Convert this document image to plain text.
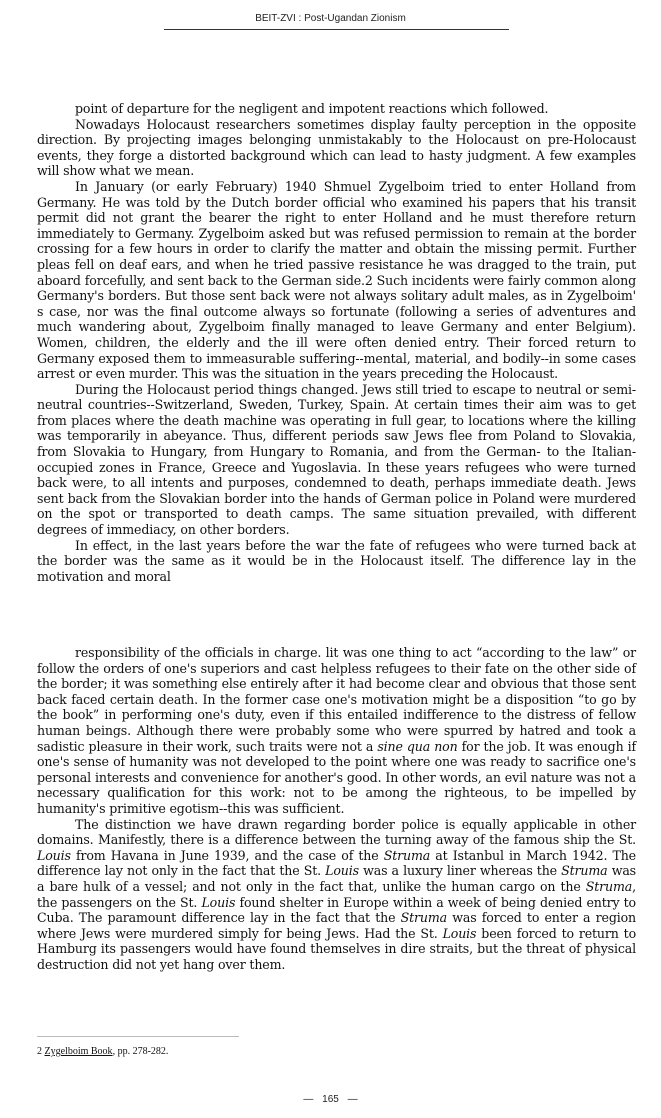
BEIT-ZVI : Post-Ugandan Zionism

point of departure for the negligent and impotent reactions which followed.

Nowadays Holocaust researchers sometimes display faulty perception in the opposite direction. By projecting images belonging unmistakably to the Holocaust on pre-Holocaust events, they forge a distorted background which can lead to hasty judgment. A few examples will show what we mean.

In January (or early February) 1940 Shmuel Zygelboim tried to enter Holland from Germany. He was told by the Dutch border official who examined his papers that his transit permit did not grant the bearer the right to enter Holland and he must therefore return immediately to Germany. Zygelboim asked but was refused permission to remain at the border crossing for a few hours in order to clarify the matter and obtain the missing permit. Further pleas fell on deaf ears, and when he tried passive resistance he was dragged to the train, put aboard forcefully, and sent back to the German side.2 Such incidents were fairly common along Germany's borders. But those sent back were not always solitary adult males, as in Zygelboim' s case, nor was the final outcome always so fortunate (following a series of adventures and much wandering about, Zygelboim finally managed to leave Germany and enter Belgium). Women, children, the elderly and the ill were often denied entry. Their forced return to Germany exposed them to immeasurable suffering--mental, material, and bodily--in some cases arrest or even murder. This was the situation in the years preceding the Holocaust.

During the Holocaust period things changed. Jews still tried to escape to neutral or semi-neutral countries--Switzerland, Sweden, Turkey, Spain. At certain times their aim was to get from places where the death machine was operating in full gear, to locations where the killing was temporarily in abeyance. Thus, different periods saw Jews flee from Poland to Slovakia, from Slovakia to Hungary, from Hungary to Romania, and from the German- to the Italian-occupied zones in France, Greece and Yugoslavia. In these years refugees who were turned back were, to all intents and purposes, condemned to death, perhaps immediate death. Jews sent back from the Slovakian border into the hands of German police in Poland were murdered on the spot or transported to death camps. The same situation prevailed, with different degrees of immediacy, on other borders.

In effect, in the last years before the war the fate of refugees who were turned back at the border was the same as it would be in the Holocaust itself. The difference lay in the motivation and moral

responsibility of the officials in charge. lit was one thing to act “according to the law” or follow the orders of one's superiors and cast helpless refugees to their fate on the other side of the border; it was something else entirely after it had become clear and obvious that those sent back faced certain death. In the former case one's motivation might be a disposition “to go by the book” in performing one's duty, even if this entailed indifference to the distress of fellow human beings. Although there were probably some who were spurred by hatred and took a sadistic pleasure in their work, such traits were not a sine qua non for the job. It was enough if one's sense of humanity was not developed to the point where one was ready to sacrifice one's personal interests and convenience for another's good. In other words, an evil nature was not a necessary qualification for this work: not to be among the righteous, to be impelled by humanity's primitive egotism--this was sufficient.

The distinction we have drawn regarding border police is equally applicable in other domains. Manifestly, there is a difference between the turning away of the famous ship the St. Louis from Havana in June 1939, and the case of the Struma at Istanbul in March 1942. The difference lay not only in the fact that the St. Louis was a luxury liner whereas the Struma was a bare hulk of a vessel; and not only in the fact that, unlike the human cargo on the Struma, the passengers on the St. Louis found shelter in Europe within a week of being denied entry to Cuba. The paramount difference lay in the fact that the Struma was forced to enter a region where Jews were murdered simply for being Jews. Had the St. Louis been forced to return to Hamburg its passengers would have found themselves in dire straits, but the threat of physical destruction did not yet hang over them.

2 Zygelboim Book, pp. 278-282.
— 165 —
